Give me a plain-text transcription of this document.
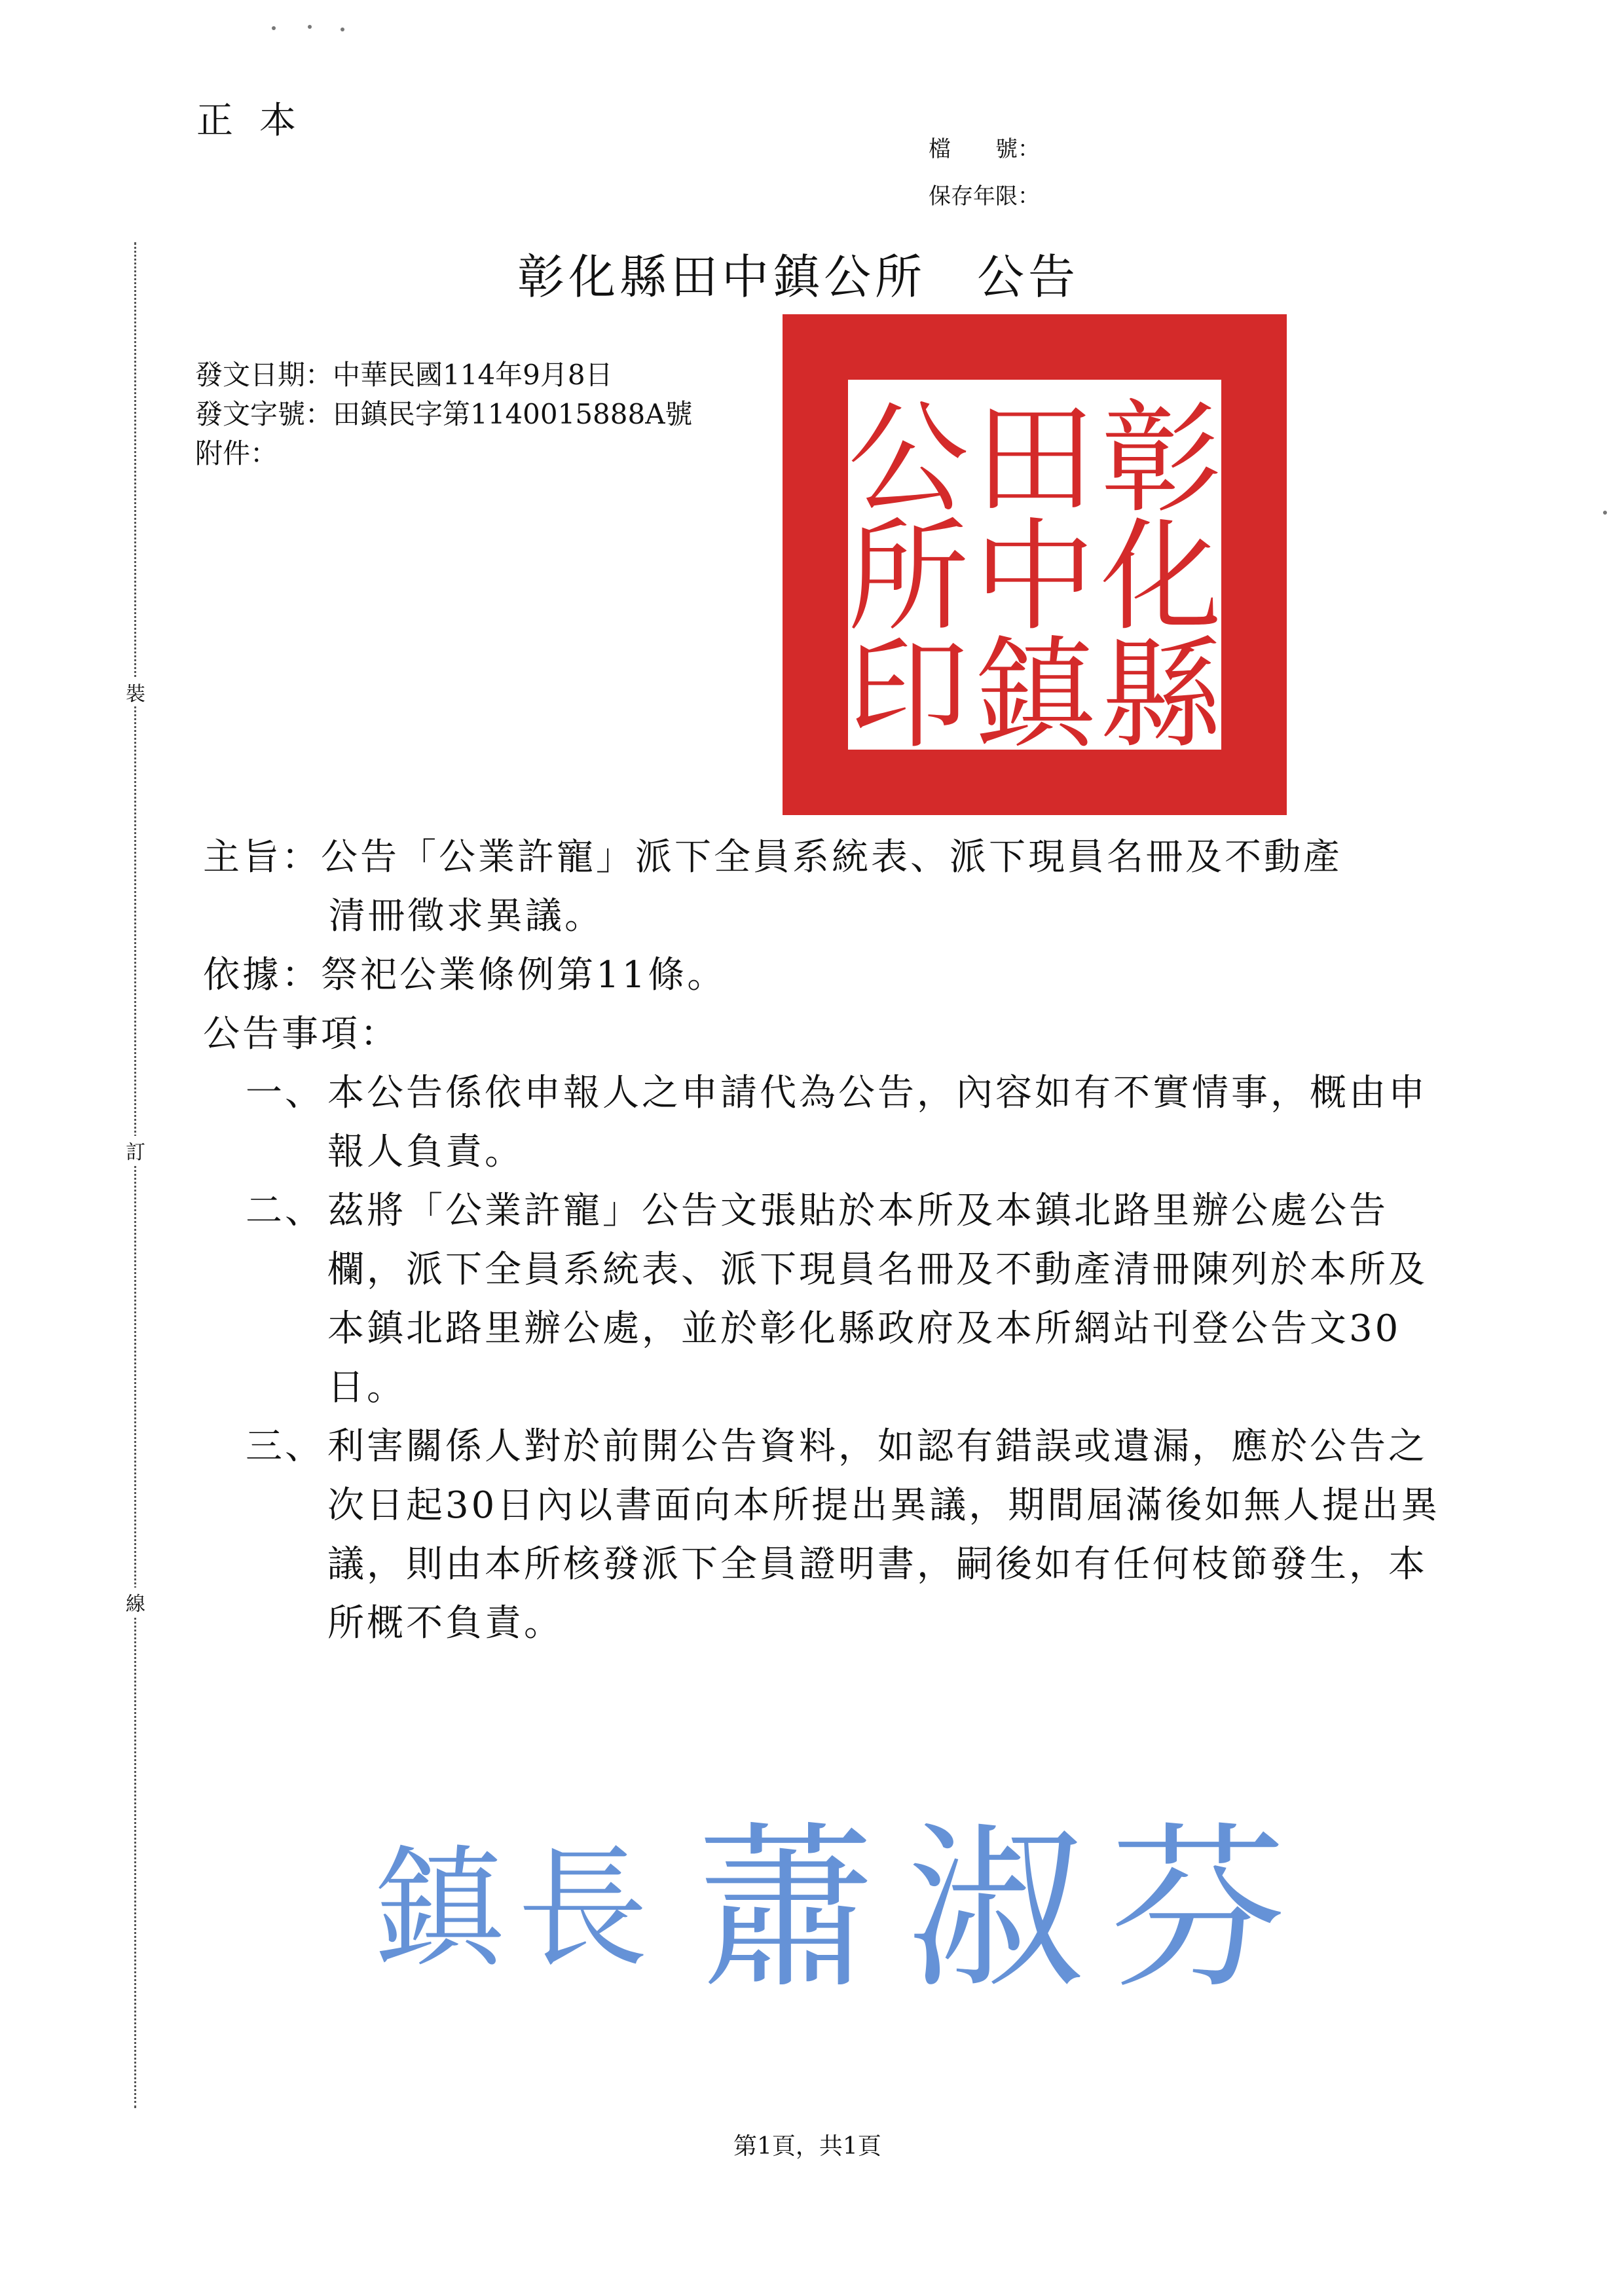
正本
檔　　號：
保存年限：
彰化縣田中鎮公所　公告
裝
訂
線
發文日期：中華民國114年9月8日
發文字號：田鎮民字第1140015888A號
附件：	彰
化
縣
田
中
鎮
公
所
印
主旨：公告「公業許寵」派下全員系統表、派下現員名冊及不動產
清冊徵求異議。
依據：祭祀公業條例第11條。
公告事項：
一、 本公告係依申報人之申請代為公告，內容如有不實情事，概由申報人負責。
二、 茲將「公業許寵」公告文張貼於本所及本鎮北路里辦公處公告欄，派下全員系統表、派下現員名冊及不動產清冊陳列於本所及本鎮北路里辦公處，並於彰化縣政府及本所網站刊登公告文30日。
三、 利害關係人對於前開公告資料，如認有錯誤或遺漏，應於公告之次日起30日內以書面向本所提出異議，期間屆滿後如無人提出異議，則由本所核發派下全員證明書，嗣後如有任何枝節發生，本所概不負責。
鎮 長 蕭 淑 芬
第1頁，共1頁
